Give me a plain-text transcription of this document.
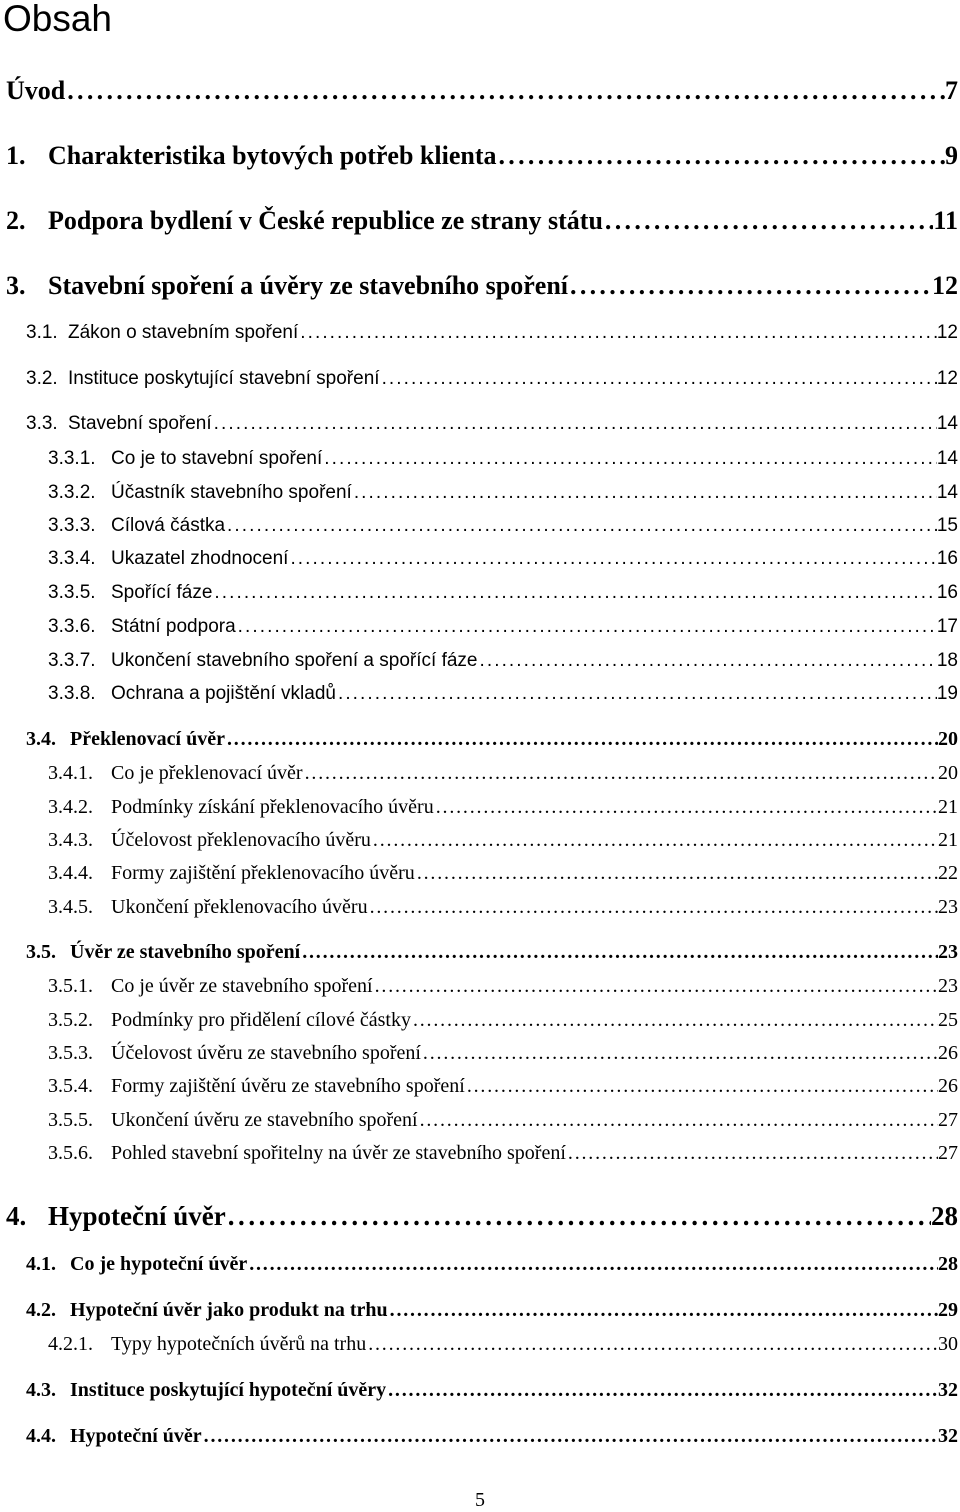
Obsah
Úvod . . .	7
1. Charakteristika bytových potřeb klienta . . .	9
2. Podpora bydlení v České republice ze strany státu . . .	11
3. Stavební spoření a úvěry ze stavebního spoření . . .	12
3.1. Zákon o stavebním spoření . . .	12
3.2. Instituce poskytující stavební spoření . . .	12
3.3. Stavební spoření . . .	14
3.3.1. Co je to stavební spoření . . .	14
3.3.2. Účastník stavebního spoření . . .	14
3.3.3. Cílová částka . . .	15
3.3.4. Ukazatel zhodnocení . . .	16
3.3.5. Spořící fáze . . .	16
3.3.6. Státní podpora . . .	17
3.3.7. Ukončení stavebního spoření a spořící fáze . . .	18
3.3.8. Ochrana a pojištění vkladů . . .	19
3.4. Překlenovací úvěr . . .	20
3.4.1. Co je překlenovací úvěr . . .	20
3.4.2. Podmínky získání překlenovacího úvěru . . .	21
3.4.3. Účelovost překlenovacího úvěru . . .	21
3.4.4. Formy zajištění překlenovacího úvěru . . .	22
3.4.5. Ukončení překlenovacího úvěru . . .	23
3.5. Úvěr ze stavebního spoření . . .	23
3.5.1. Co je úvěr ze stavebního spoření . . .	23
3.5.2. Podmínky pro přidělení cílové částky . . .	25
3.5.3. Účelovost úvěru ze stavebního spoření . . .	26
3.5.4. Formy zajištění úvěru ze stavebního spoření . . .	26
3.5.5. Ukončení úvěru ze stavebního spoření . . .	27
3.5.6. Pohled stavební spořitelny na úvěr ze stavebního spoření . . .	27
4. Hypoteční úvěr . . .	28
4.1. Co je hypoteční úvěr . . .	28
4.2. Hypoteční úvěr jako produkt na trhu . . .	29
4.2.1. Typy hypotečních úvěrů na trhu . . .	30
4.3. Instituce poskytující hypoteční úvěry . . .	32
4.4. Hypoteční úvěr . . .	32

5
